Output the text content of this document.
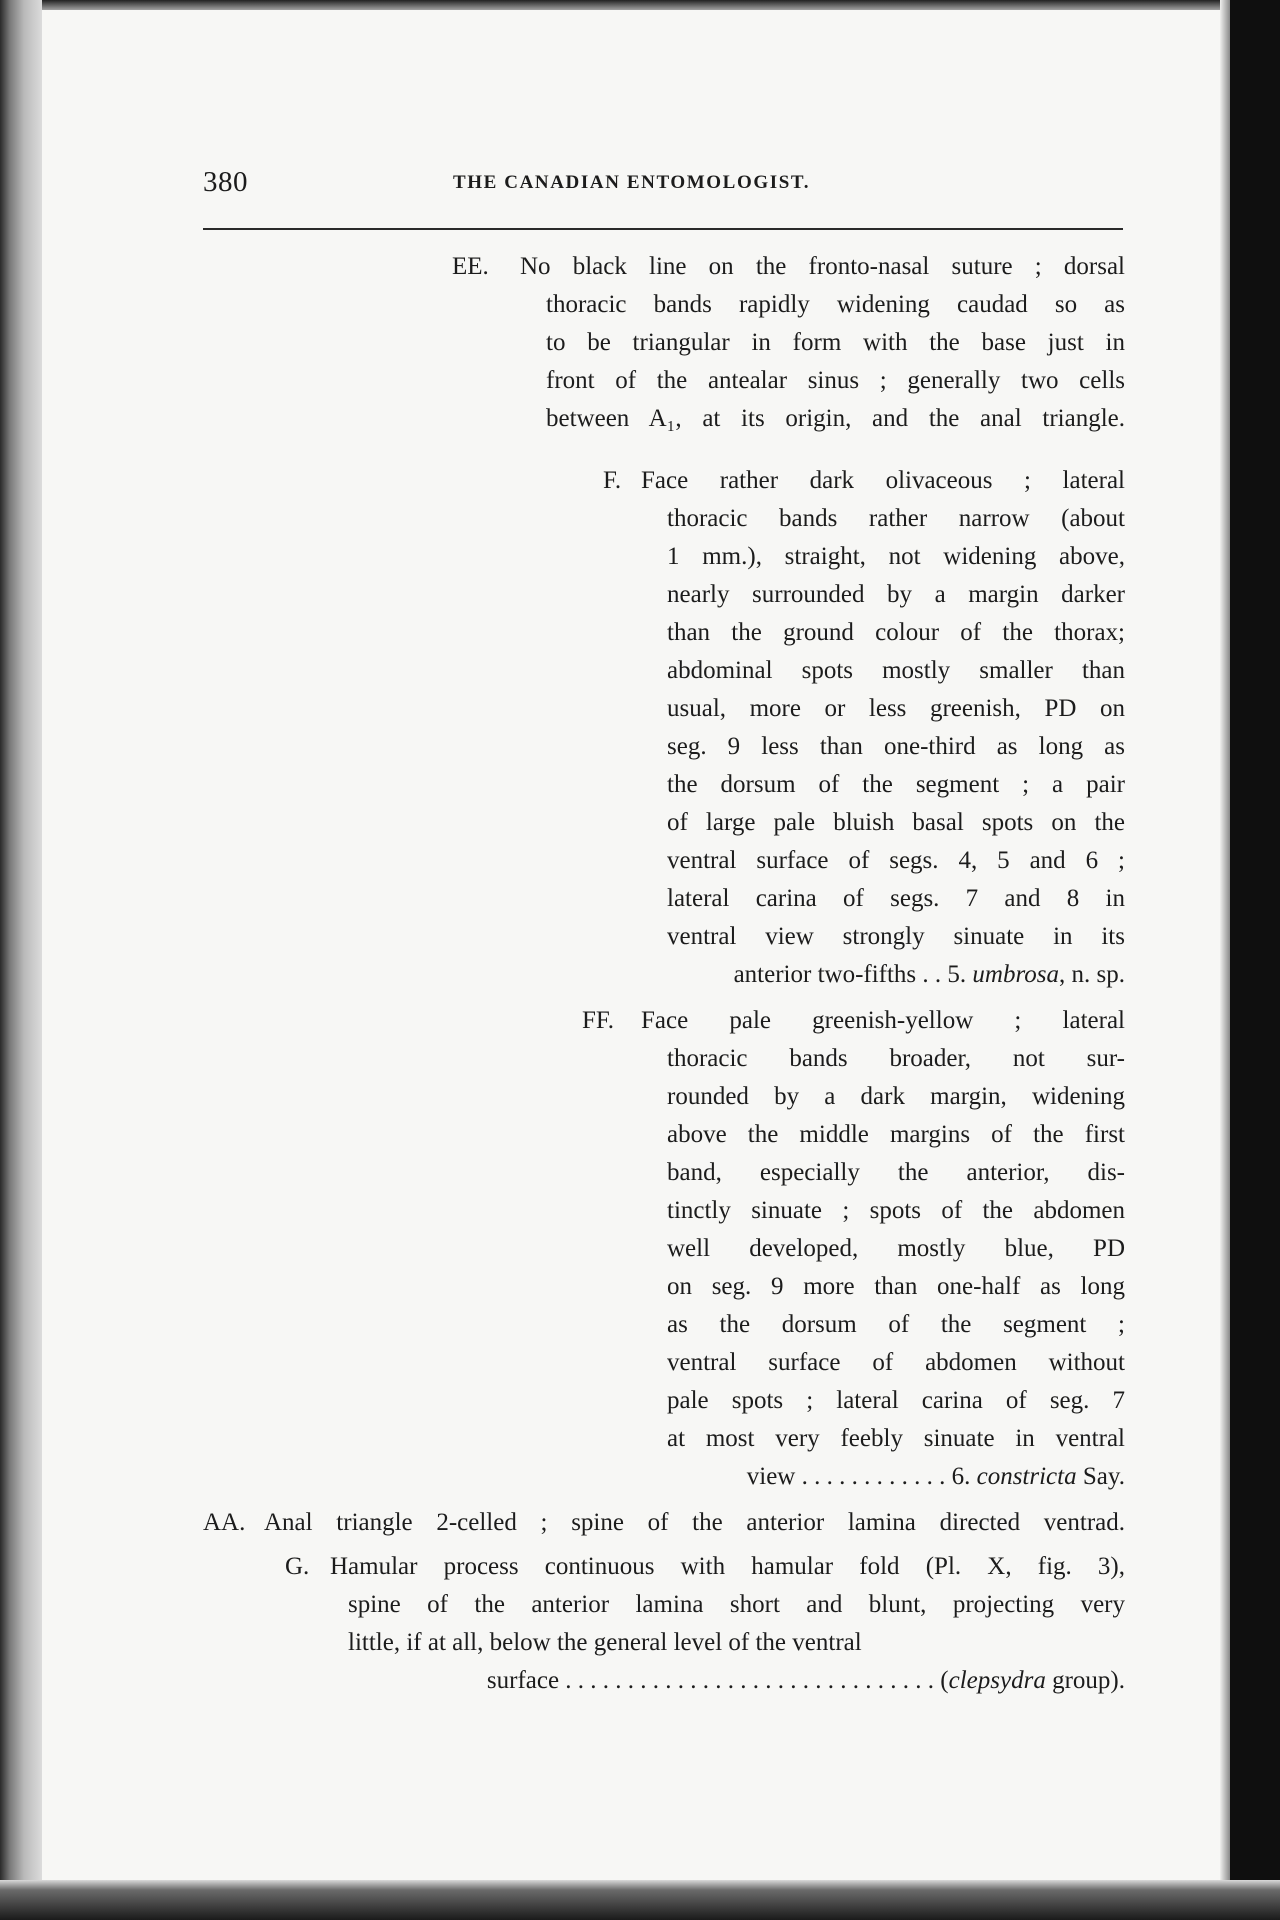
380	THE CANADIAN ENTOMOLOGIST.
EE. No black line on the fronto-nasal suture ; dorsal
thoracic bands rapidly widening caudad so as
to be triangular in form with the base just in
front of the antealar sinus ; generally two cells
between A₁, at its origin, and the anal triangle.
F. Face rather dark olivaceous ; lateral
thoracic bands rather narrow (about
1 mm.), straight, not widening above,
nearly surrounded by a margin darker
than the ground colour of the thorax;
abdominal spots mostly smaller than
usual, more or less greenish, PD on
seg. 9 less than one-third as long as
the dorsum of the segment ; a pair
of large pale bluish basal spots on the
ventral surface of segs. 4, 5 and 6 ;
lateral carina of segs. 7 and 8 in
ventral view strongly sinuate in its
anterior two-fifths . . 5. umbrosa, n. sp.
FF. Face pale greenish-yellow ; lateral
thoracic bands broader, not sur-
rounded by a dark margin, widening
above the middle margins of the first
band, especially the anterior, dis-
tinctly sinuate ; spots of the abdomen
well developed, mostly blue, PD
on seg. 9 more than one-half as long
as the dorsum of the segment ;
ventral surface of abdomen without
pale spots ; lateral carina of seg. 7
at most very feebly sinuate in ventral
view . . . . . . . . . . . . 6. constricta Say.
AA. Anal triangle 2-celled ; spine of the anterior lamina directed ventrad.
G. Hamular process continuous with hamular fold (Pl. X, fig. 3),
spine of the anterior lamina short and blunt, projecting very
little, if at all, below the general level of the ventral
surface . . . . . . . . . . . . . . . . . . . . . . . . . . . . . . (clepsydra group).
